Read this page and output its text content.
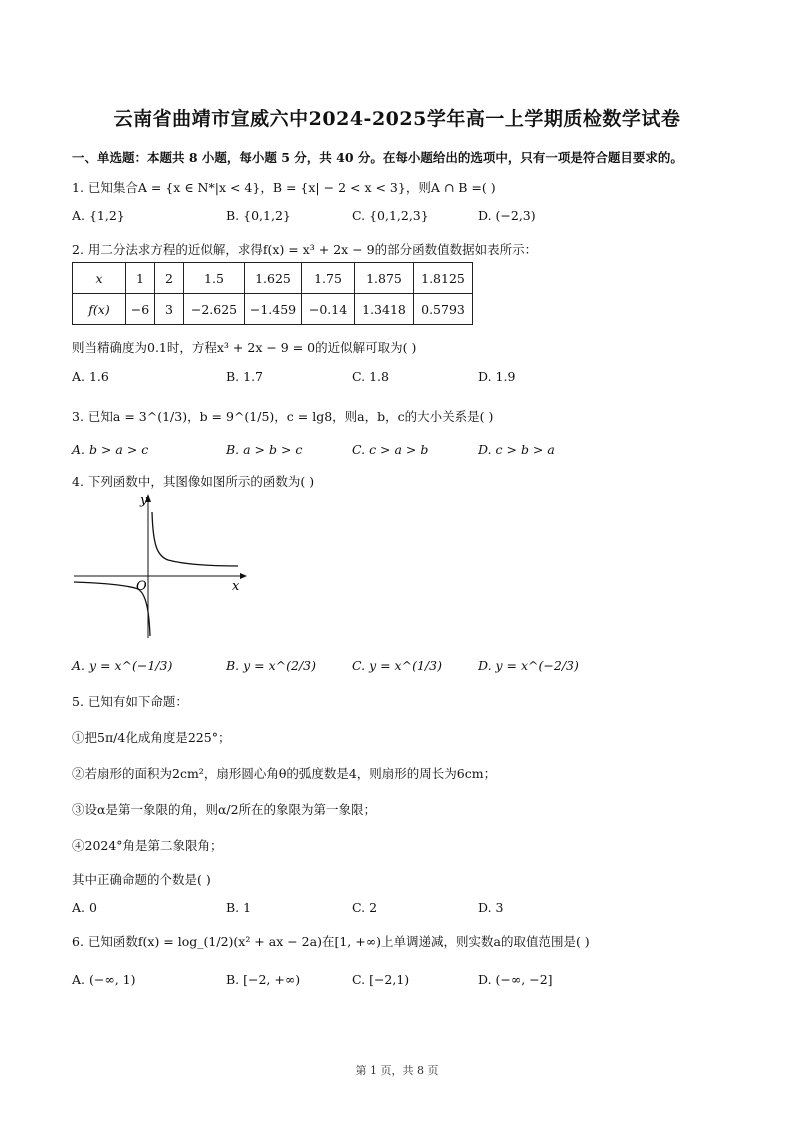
云南省曲靖市宣威六中2024-2025学年高一上学期质检数学试卷
一、单选题：本题共 8 小题，每小题 5 分，共 40 分。在每小题给出的选项中，只有一项是符合题目要求的。
1. 已知集合A = {x ∈ N*|x < 4}，B = {x| − 2 < x < 3}，则A ∩ B =( )
A. {1,2}	B. {0,1,2}	C. {0,1,2,3}	D. (−2,3)
2. 用二分法求方程的近似解，求得f(x) = x³ + 2x − 9的部分函数值数据如表所示：
x	1	2	1.5	1.625	1.75	1.875	1.8125
f(x)	−6	3	−2.625	−1.459	−0.14	1.3418	0.5793
则当精确度为0.1时，方程x³ + 2x − 9 = 0的近似解可取为( )
A. 1.6	B. 1.7	C. 1.8	D. 1.9
3. 已知a = 3^(1/3)，b = 9^(1/5)，c = lg8，则a，b，c的大小关系是( )
A. b > a > c	B. a > b > c	C. c > a > b	D. c > b > a
4. 下列函数中，其图像如图所示的函数为( )
y
x
O
A. y = x^(−1/3)	B. y = x^(2/3)	C. y = x^(1/3)	D. y = x^(−2/3)
5. 已知有如下命题：
①把5π/4化成角度是225°；
②若扇形的面积为2cm²，扇形圆心角θ的弧度数是4，则扇形的周长为6cm；
③设α是第一象限的角，则α/2所在的象限为第一象限；
④2024°角是第二象限角；
其中正确命题的个数是( )
A. 0	B. 1	C. 2	D. 3
6. 已知函数f(x) = log_(1/2)(x² + ax − 2a)在[1, +∞)上单调递减，则实数a的取值范围是( )
A. (−∞, 1)	B. [−2, +∞)	C. [−2,1)	D. (−∞, −2]
第 1 页，共 8 页
